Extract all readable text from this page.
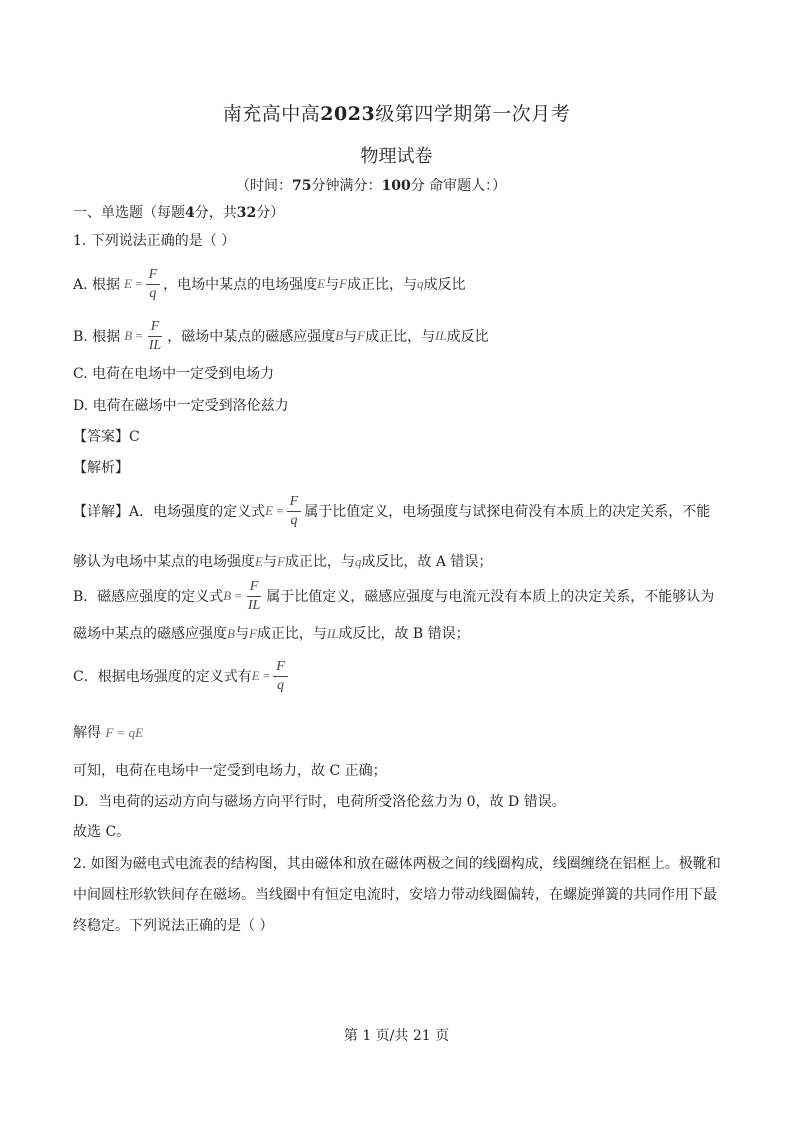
南充高中高2023级第四学期第一次月考
物理试卷
（时间：75分钟满分：100分 命审题人：）
一、单选题（每题4分，共32分）
1. 下列说法正确的是（ ）
A. 根据 $E = \frac{F}{q}$ ，电场中某点的电场强度 E 与 F 成正比，与 q 成反比
B. 根据 $B = \frac{F}{IL}$ ，磁场中某点的磁感应强度 B 与 F 成正比，与 IL 成反比
C. 电荷在电场中一定受到电场力
D. 电荷在磁场中一定受到洛伦兹力
【答案】C
【解析】
【详解】A．电场强度的定义式 $E = \frac{F}{q}$ 属于比值定义，电场强度与试探电荷没有本质上的决定关系，不能
够认为电场中某点的电场强度E与F成正比，与q成反比，故 A 错误；
B．磁感应强度的定义式 $B = \frac{F}{IL}$ 属于比值定义，磁感应强度与电流元没有本质上的决定关系，不能够认为
磁场中某点的磁感应强度B与F成正比，与IL成反比，故 B 错误；
C．根据电场强度的定义式有 $E = \frac{F}{q}$
解得 F = qE
可知，电荷在电场中一定受到电场力，故 C 正确；
D．当电荷的运动方向与磁场方向平行时，电荷所受洛伦兹力为 0，故 D 错误。
故选 C。
2. 如图为磁电式电流表的结构图，其由磁体和放在磁体两极之间的线圈构成，线圈缠绕在铝框上。极靴和
中间圆柱形软铁间存在磁场。当线圈中有恒定电流时，安培力带动线圈偏转，在螺旋弹簧的共同作用下最
终稳定。下列说法正确的是（ ）
第 1 页/共 21 页
